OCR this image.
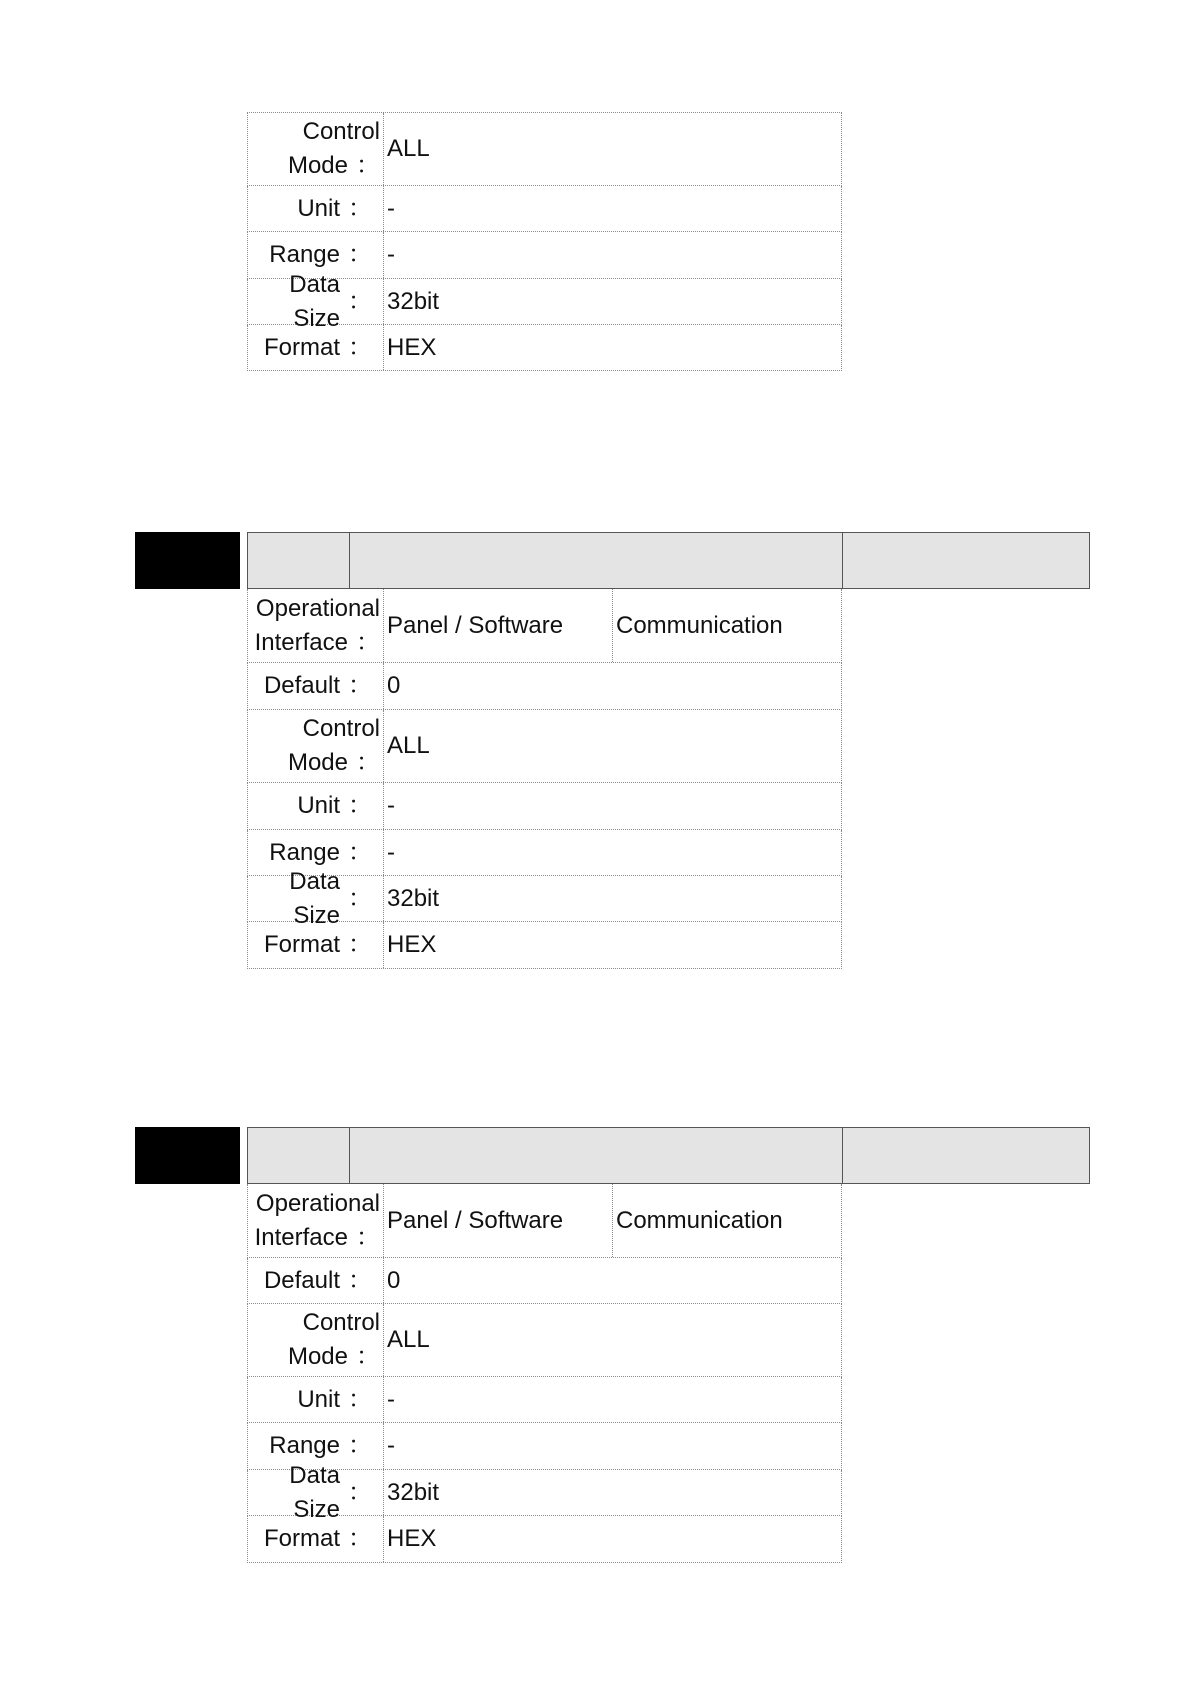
Control
Mode ：
ALL
Unit ： -
Range ： -
Data Size
： 32bit
Format ： HEX
Operational
Interface ：
Panel / Software	Communication
Default ： 0
Control
Mode ：
ALL
Unit ： -
Range ： -
Data Size
： 32bit
Format ： HEX
Operational
Interface ：
Panel / Software	Communication
Default ： 0
Control
Mode ：
ALL
Unit ： -
Range ： -
Data Size
： 32bit
Format ： HEX
